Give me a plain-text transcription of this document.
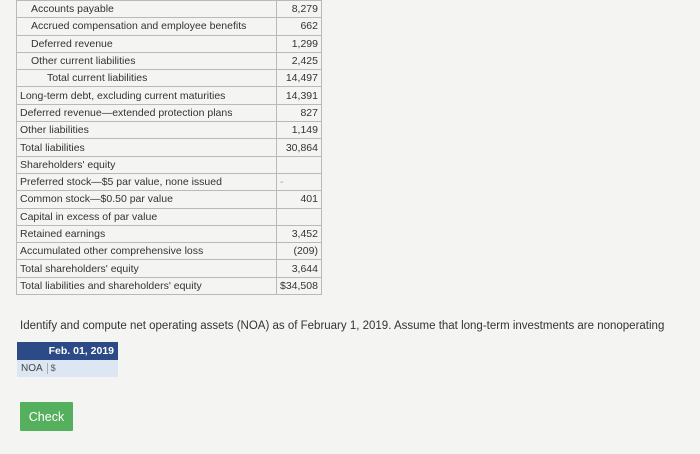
Accounts payable	8,279
Accrued compensation and employee benefits	662
Deferred revenue	1,299
Other current liabilities	2,425
Total current liabilities	14,497
Long-term debt, excluding current maturities	14,391
Deferred revenue—extended protection plans	827
Other liabilities	1,149
Total liabilities	30,864
Shareholders' equity	
Preferred stock—$5 par value, none issued	-
Common stock—$0.50 par value	401
Capital in excess of par value	
Retained earnings	3,452
Accumulated other comprehensive loss	(209)
Total shareholders' equity	3,644
Total liabilities and shareholders' equity	$34,508
Identify and compute net operating assets (NOA) as of February 1, 2019. Assume that long-term investments are nonoperating
Feb. 01, 2019
NOA $
Check
